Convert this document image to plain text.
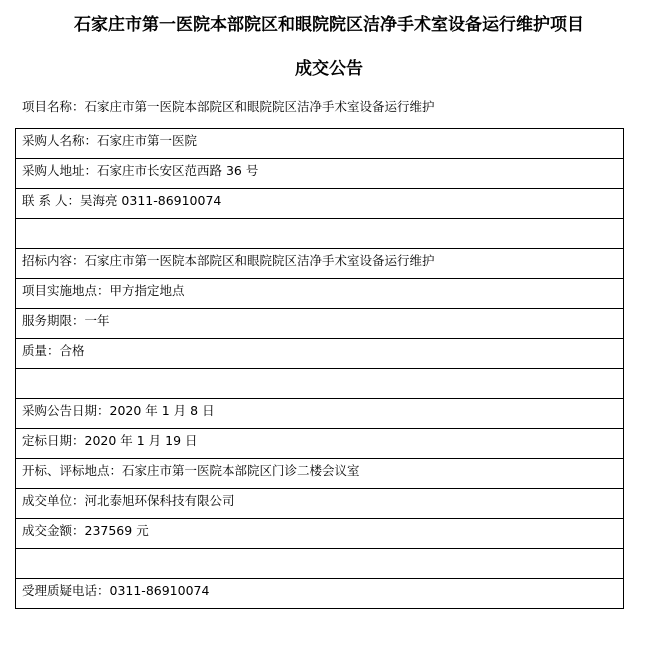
石家庄市第一医院本部院区和眼院院区洁净手术室设备运行维护项目
成交公告
项目名称：石家庄市第一医院本部院区和眼院院区洁净手术室设备运行维护
采购人名称：石家庄市第一医院
采购人地址：石家庄市长安区范西路 36 号
联 系 人：吴海亮 0311-86910074

招标内容：石家庄市第一医院本部院区和眼院院区洁净手术室设备运行维护
项目实施地点：甲方指定地点
服务期限：一年
质量：合格

采购公告日期：2020 年 1 月 8 日
定标日期：2020 年 1 月 19 日
开标、评标地点：石家庄市第一医院本部院区门诊二楼会议室
成交单位：河北泰旭环保科技有限公司
成交金额：237569 元

受理质疑电话：0311-86910074
